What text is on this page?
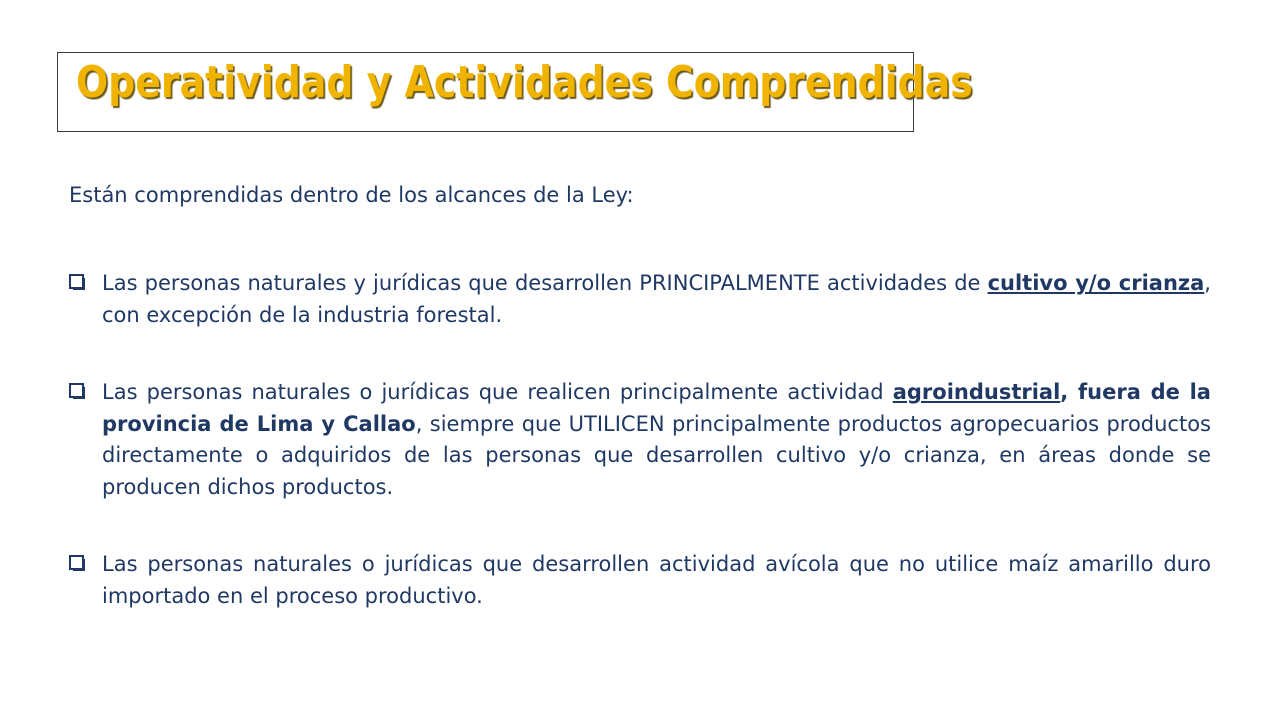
Operatividad y Actividades Comprendidas
Están comprendidas dentro de los alcances de la Ley:
Las personas naturales y jurídicas que desarrollen PRINCIPALMENTE actividades de cultivo y/o crianza, con excepción de la industria forestal.
Las personas naturales o jurídicas que realicen principalmente actividad agroindustrial, fuera de la provincia de Lima y Callao, siempre que UTILICEN principalmente productos agropecuarios productos directamente o adquiridos de las personas que desarrollen cultivo y/o crianza, en áreas donde se producen dichos productos.
Las personas naturales o jurídicas que desarrollen actividad avícola que no utilice maíz amarillo duro importado en el proceso productivo.
